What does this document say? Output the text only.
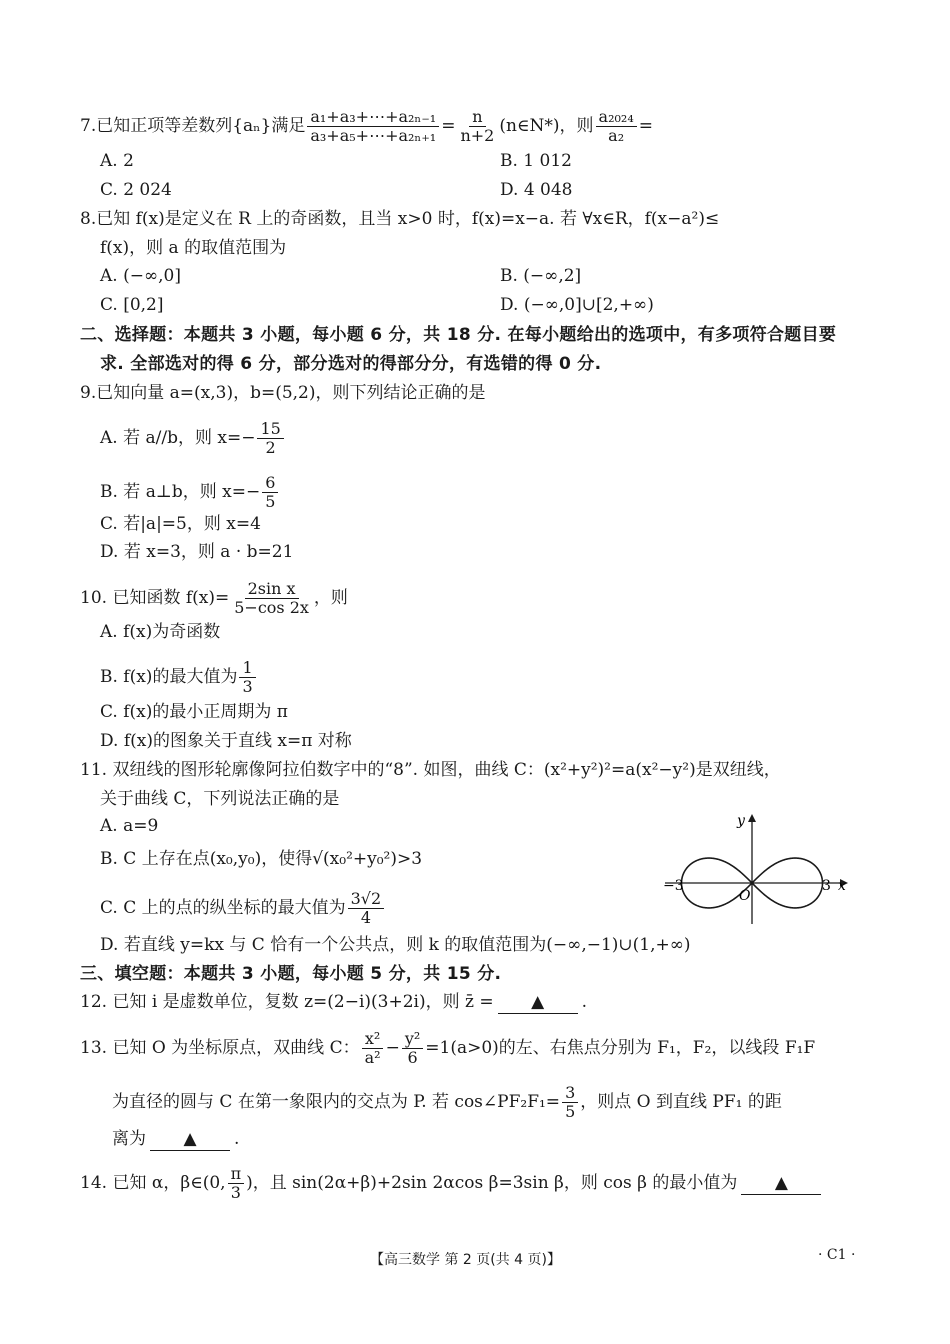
7.已知正项等差数列{aₙ}满足 $\frac{\text{a₁+a₃+⋯+a₂ₙ₋₁}}{\text{a₃+a₅+⋯+a₂ₙ₊₁}} = \frac{n}{n+2}$ (n∈N*)，则 $\frac{\text{a₂₀₂₄}}{\text{a₂}}$ =
A. 2	B. 1 012
C. 2 024	D. 4 048
8.已知 f(x)是定义在 R 上的奇函数，且当 x>0 时，f(x)=x−a. 若 ∀x∈R，f(x−a²)≤
f(x)，则 a 的取值范围为
A. (−∞,0]	B. (−∞,2]
C. [0,2]	D. (−∞,0]∪[2,+∞)
二、选择题：本题共 3 小题，每小题 6 分，共 18 分. 在每小题给出的选项中，有多项符合题目要
求. 全部选对的得 6 分，部分选对的得部分分，有选错的得 0 分.
9.已知向量 a=(x,3)，b=(5,2)，则下列结论正确的是
A. 若 a//b，则 $x=- \frac{15}{2}$
B. 若 a⊥b，则 $x=- \frac{6}{5}$
C. 若|a|=5，则 x=4
D. 若 x=3，则 a · b=21
10. 已知函数 $f(x)= \frac{\text{2sin x}}{5-\cos 2x}$ ，则
A. f(x)为奇函数
B. f(x)的最大值为 $\frac{1}{3}$
C. f(x)的最小正周期为 π
D. f(x)的图象关于直线 x=π 对称
11. 双纽线的图形轮廓像阿拉伯数字中的“8”. 如图，曲线 C：(x²+y²)²=a(x²−y²)是双纽线，
关于曲线 C，下列说法正确的是
A. a=9
B. C 上存在点(x₀,y₀)，使得√(x₀²+y₀²)>3
C. C 上的点的纵坐标的最大值为 $\frac{3√2}{4}$
D. 若直线 y=kx 与 C 恰有一个公共点，则 k 的取值范围为(−∞,−1)∪(1,+∞)
y
x
−3	3
O
三、填空题：本题共 3 小题，每小题 5 分，共 15 分.
12. 已知 i 是虚数单位，复数 z=(2−i)(3+2i)，则 z̄ = ▲ .
13. 已知 O 为坐标原点，双曲线 C： $\frac{\text{x²}}{\text{a²}} - \frac{\text{y²}}{6} =1(a>0)$的左、右焦点分别为 F₁，F₂，以线段 F₁F
为直径的圆与 C 在第一象限内的交点为 P. 若 cos∠PF₂F₁= $\frac{3}{5}$ ，则点 O 到直线 PF₁ 的距
离为 ▲ .
14. 已知 α，β∈(0, $\frac{\pi}{3}$ )，且 sin(2α+β)+2sin 2αcos β=3sin β，则 cos β 的最小值为 ▲
【高三数学 第 2 页(共 4 页)】	· C1 ·
